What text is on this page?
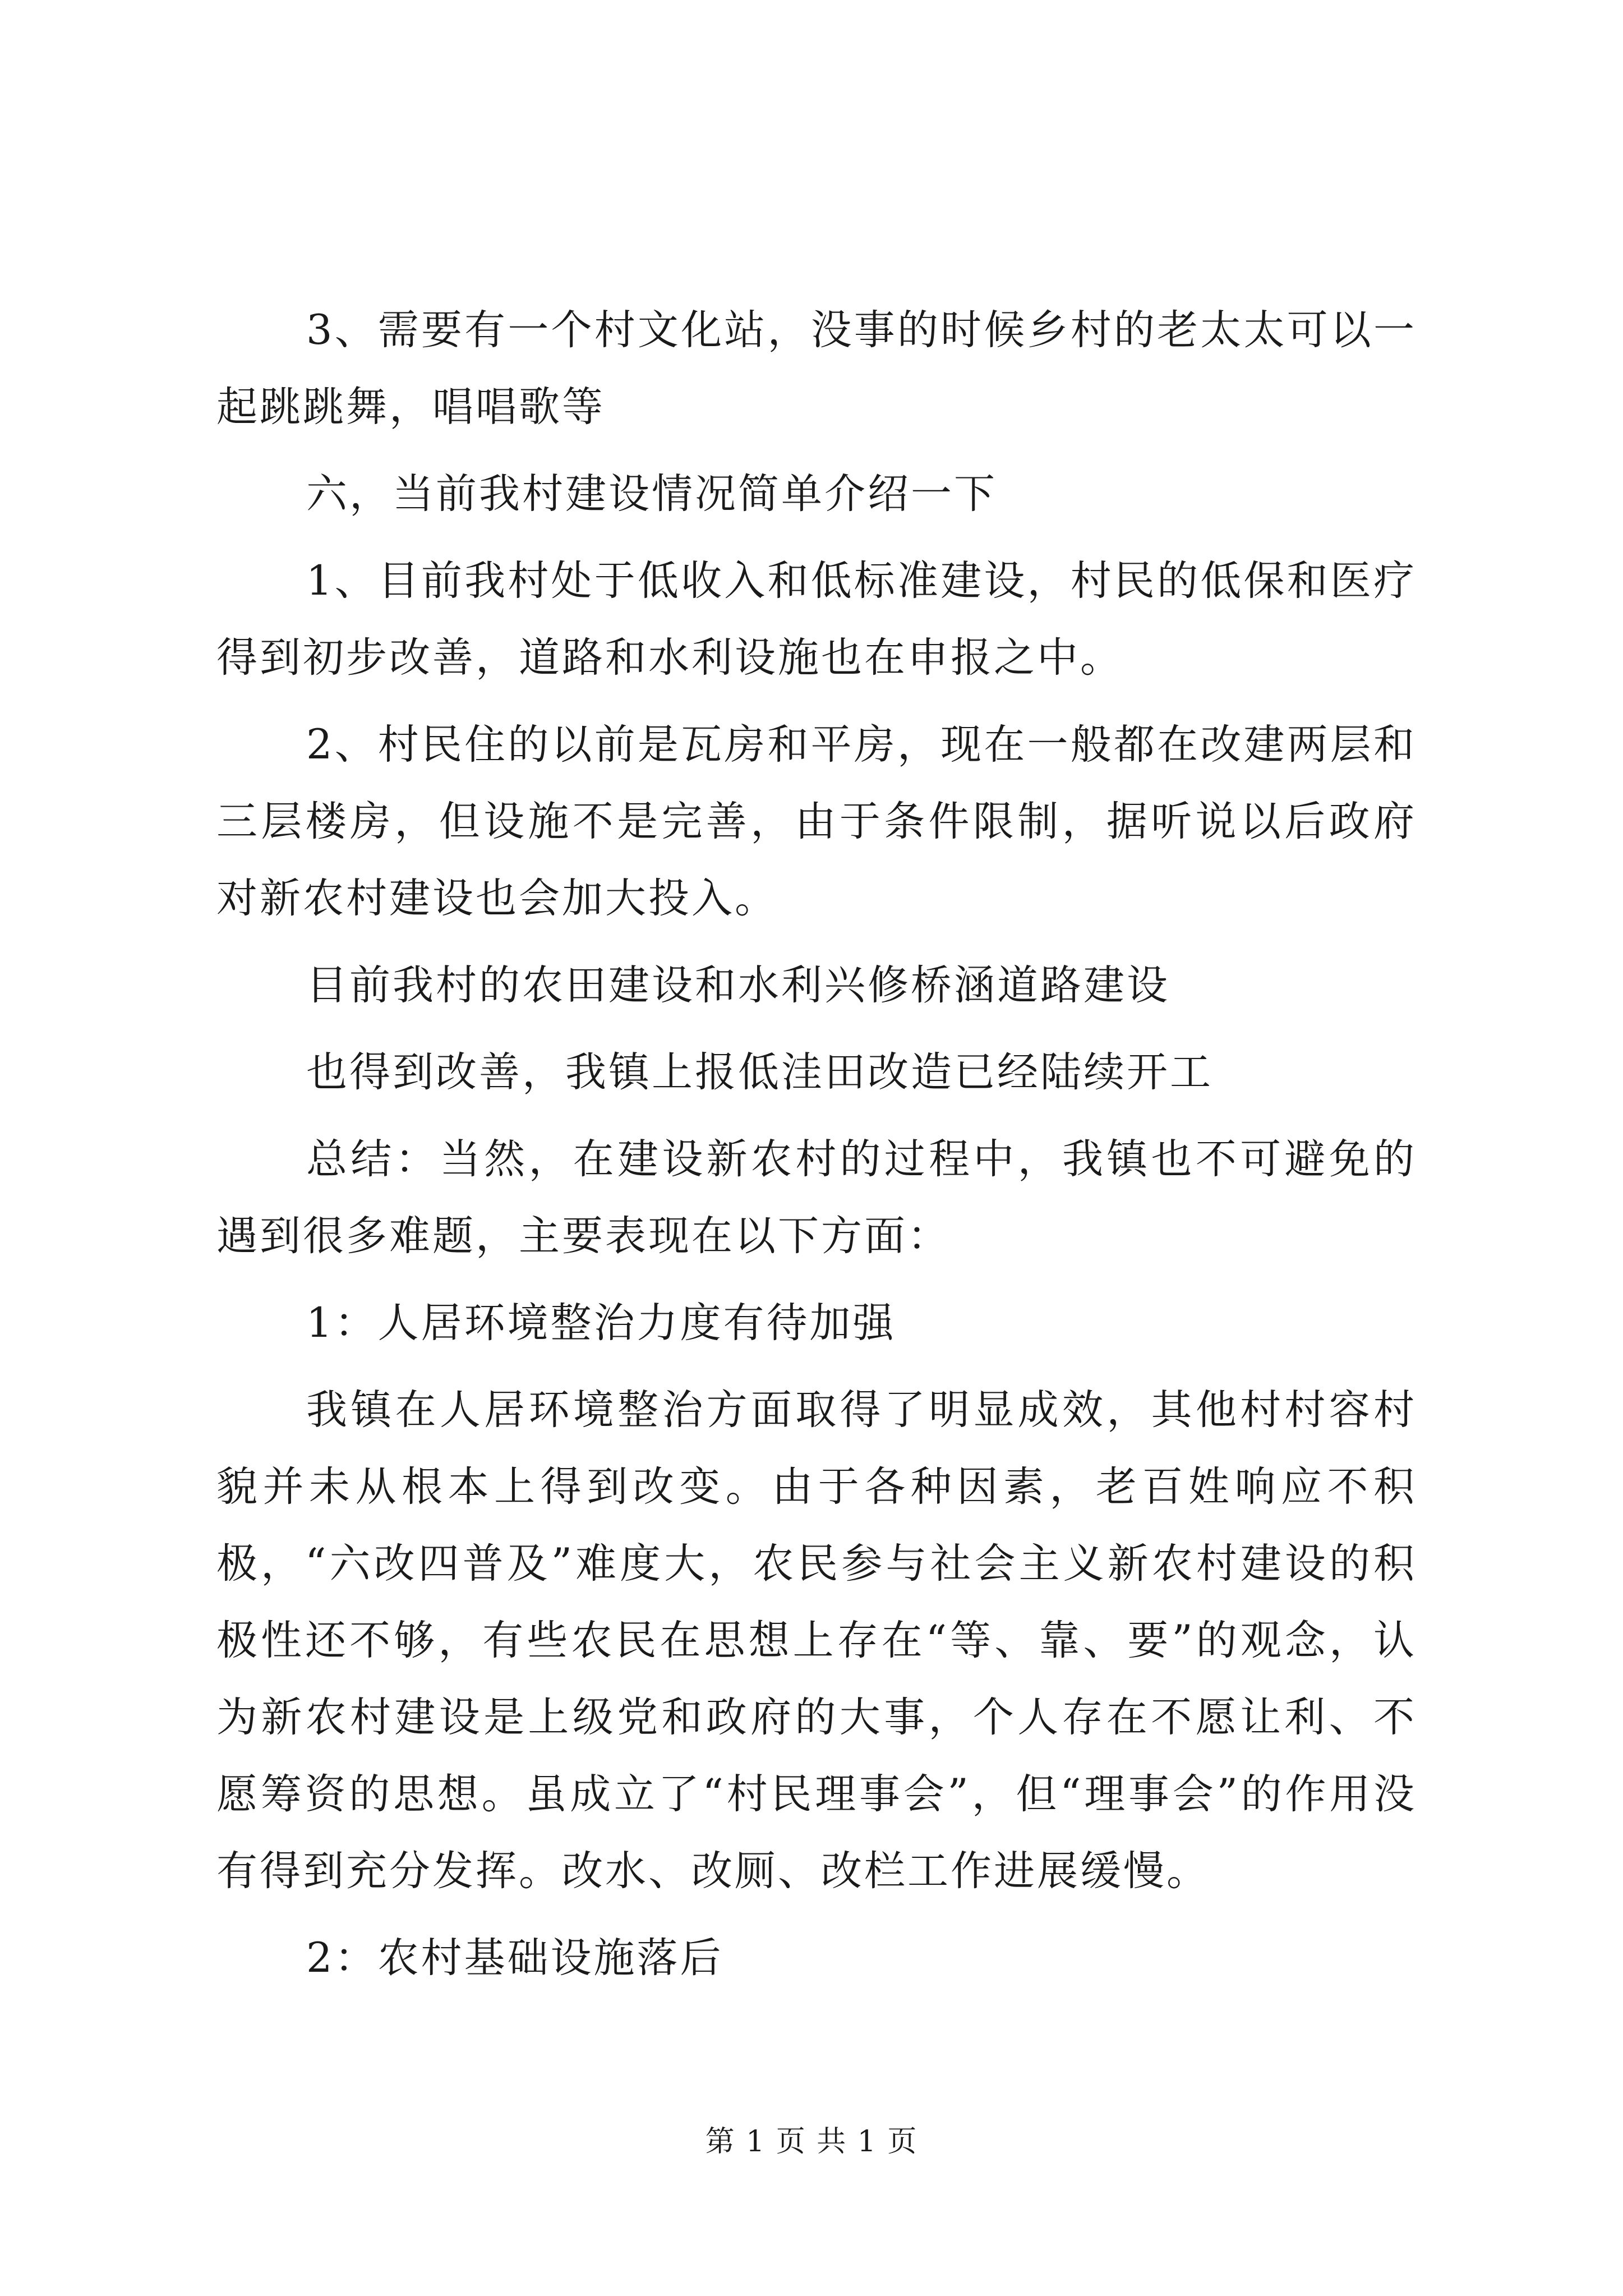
3、需要有一个村文化站，没事的时候乡村的老太太可以一起跳跳舞，唱唱歌等

六，当前我村建设情况简单介绍一下

1、目前我村处于低收入和低标准建设，村民的低保和医疗得到初步改善，道路和水利设施也在申报之中。

2、村民住的以前是瓦房和平房，现在一般都在改建两层和三层楼房，但设施不是完善，由于条件限制，据听说以后政府对新农村建设也会加大投入。

目前我村的农田建设和水利兴修桥涵道路建设

也得到改善，我镇上报低洼田改造已经陆续开工

总结：当然，在建设新农村的过程中，我镇也不可避免的遇到很多难题，主要表现在以下方面：

1：人居环境整治力度有待加强

我镇在人居环境整治方面取得了明显成效，其他村村容村貌并未从根本上得到改变。由于各种因素，老百姓响应不积极，“六改四普及”难度大，农民参与社会主义新农村建设的积极性还不够，有些农民在思想上存在“等、靠、要”的观念，认为新农村建设是上级党和政府的大事，个人存在不愿让利、不愿筹资的思想。虽成立了“村民理事会”，但“理事会”的作用没有得到充分发挥。改水、改厕、改栏工作进展缓慢。

2：农村基础设施落后

第 1 页 共 1 页
